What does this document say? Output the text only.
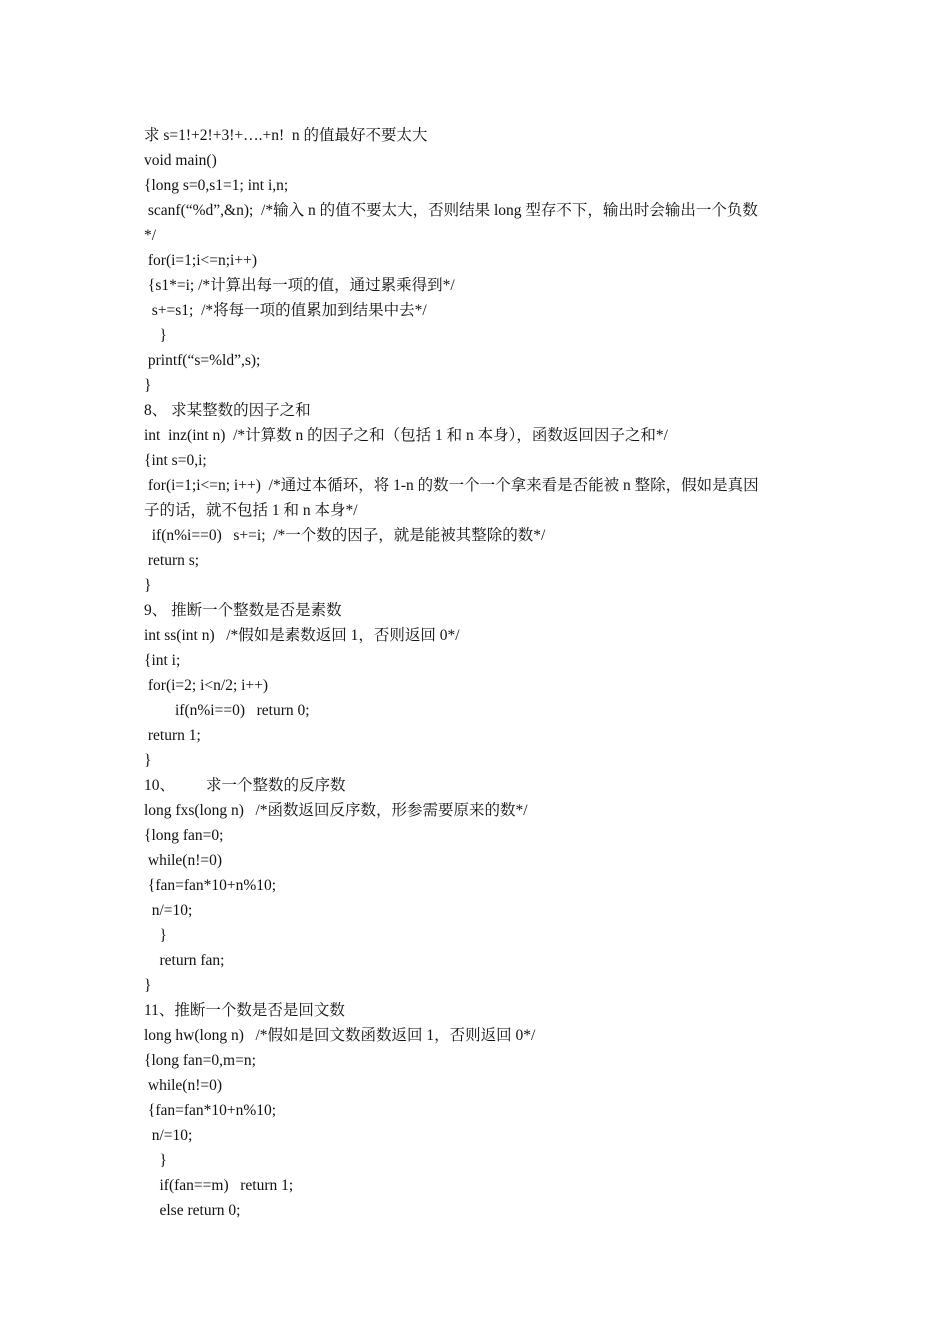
求 s=1!+2!+3!+….+n!  n 的值最好不要太大
void main()
{long s=0,s1=1; int i,n;
scanf(“%d”,&n);  /*输入 n 的值不要太大，否则结果 long 型存不下，输出时会输出一个负数
*/
for(i=1;i<=n;i++)
{s1*=i; /*计算出每一项的值，通过累乘得到*/
s+=s1;  /*将每一项的值累加到结果中去*/
}
printf(“s=%ld”,s);
}
8、 求某整数的因子之和
int  inz(int n)  /*计算数 n 的因子之和（包括 1 和 n 本身），函数返回因子之和*/
{int s=0,i;
for(i=1;i<=n; i++)  /*通过本循环，将 1-n 的数一个一个拿来看是否能被 n 整除，假如是真因
子的话，就不包括 1 和 n 本身*/
if(n%i==0)   s+=i;  /*一个数的因子，就是能被其整除的数*/
return s;
}
9、 推断一个整数是否是素数
int ss(int n)   /*假如是素数返回 1，否则返回 0*/
{int i;
for(i=2; i<n/2; i++)
if(n%i==0)   return 0;
return 1;
}
10、        求一个整数的反序数
long fxs(long n)   /*函数返回反序数，形参需要原来的数*/
{long fan=0;
while(n!=0)
{fan=fan*10+n%10;
n/=10;
}
return fan;
}
11、推断一个数是否是回文数
long hw(long n)   /*假如是回文数函数返回 1，否则返回 0*/
{long fan=0,m=n;
while(n!=0)
{fan=fan*10+n%10;
n/=10;
}
if(fan==m)   return 1;
else return 0;
